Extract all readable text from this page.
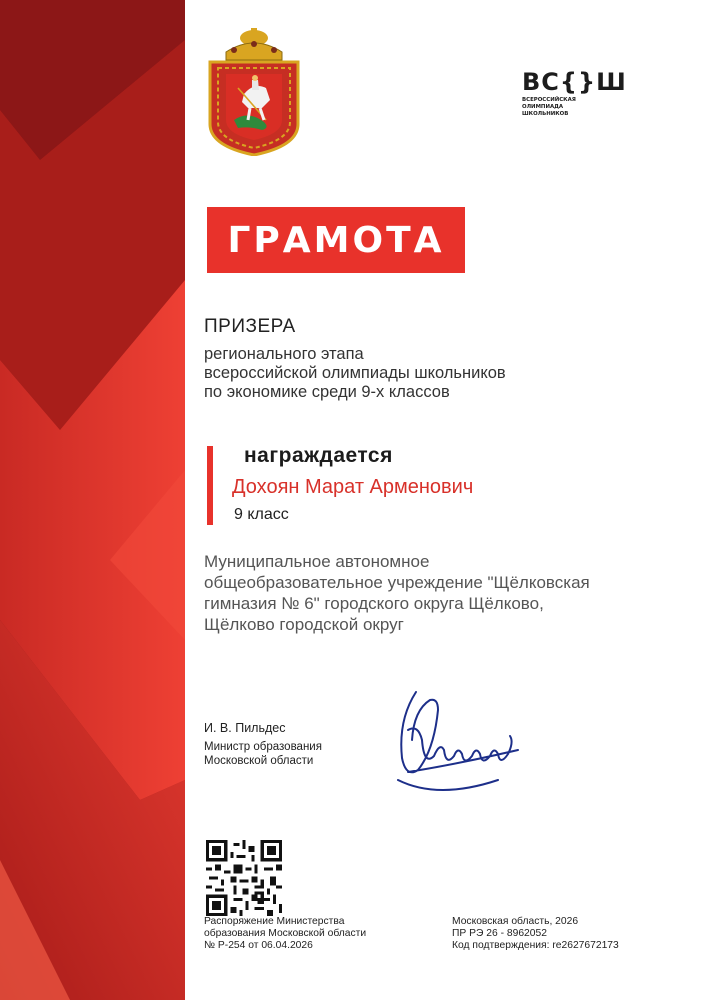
ВС{}Ш
ВСЕРОССИЙСКАЯ ОЛИМПИАДА ШКОЛЬНИКОВ
ГРАМОТА
ПРИЗЕРА
регионального этапа
всероссийской олимпиады школьников
по экономике среди 9-х классов
награждается
Дохоян Марат Арменович
9 класс
Муниципальное автономное
общеобразовательное учреждение "Щёлковская
гимназия № 6" городского округа Щёлково,
Щёлково городской округ
И. В. Пильдес
Министр образования
Московской области
Распоряжение Министерства
образования Московской области
№ Р-254 от 06.04.2026
Московская область, 2026
ПР РЭ 26 - 8962052
Код подтверждения: re2627672173
